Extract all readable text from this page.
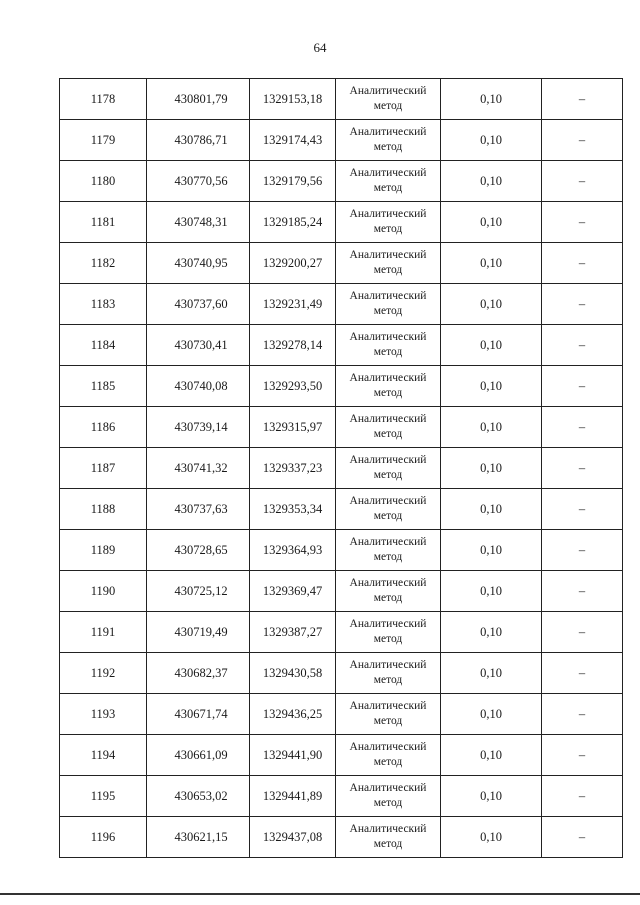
64
1178	430801,79	1329153,18	Аналитический метод	0,10	–
1179	430786,71	1329174,43	Аналитический метод	0,10	–
1180	430770,56	1329179,56	Аналитический метод	0,10	–
1181	430748,31	1329185,24	Аналитический метод	0,10	–
1182	430740,95	1329200,27	Аналитический метод	0,10	–
1183	430737,60	1329231,49	Аналитический метод	0,10	–
1184	430730,41	1329278,14	Аналитический метод	0,10	–
1185	430740,08	1329293,50	Аналитический метод	0,10	–
1186	430739,14	1329315,97	Аналитический метод	0,10	–
1187	430741,32	1329337,23	Аналитический метод	0,10	–
1188	430737,63	1329353,34	Аналитический метод	0,10	–
1189	430728,65	1329364,93	Аналитический метод	0,10	–
1190	430725,12	1329369,47	Аналитический метод	0,10	–
1191	430719,49	1329387,27	Аналитический метод	0,10	–
1192	430682,37	1329430,58	Аналитический метод	0,10	–
1193	430671,74	1329436,25	Аналитический метод	0,10	–
1194	430661,09	1329441,90	Аналитический метод	0,10	–
1195	430653,02	1329441,89	Аналитический метод	0,10	–
1196	430621,15	1329437,08	Аналитический метод	0,10	–
